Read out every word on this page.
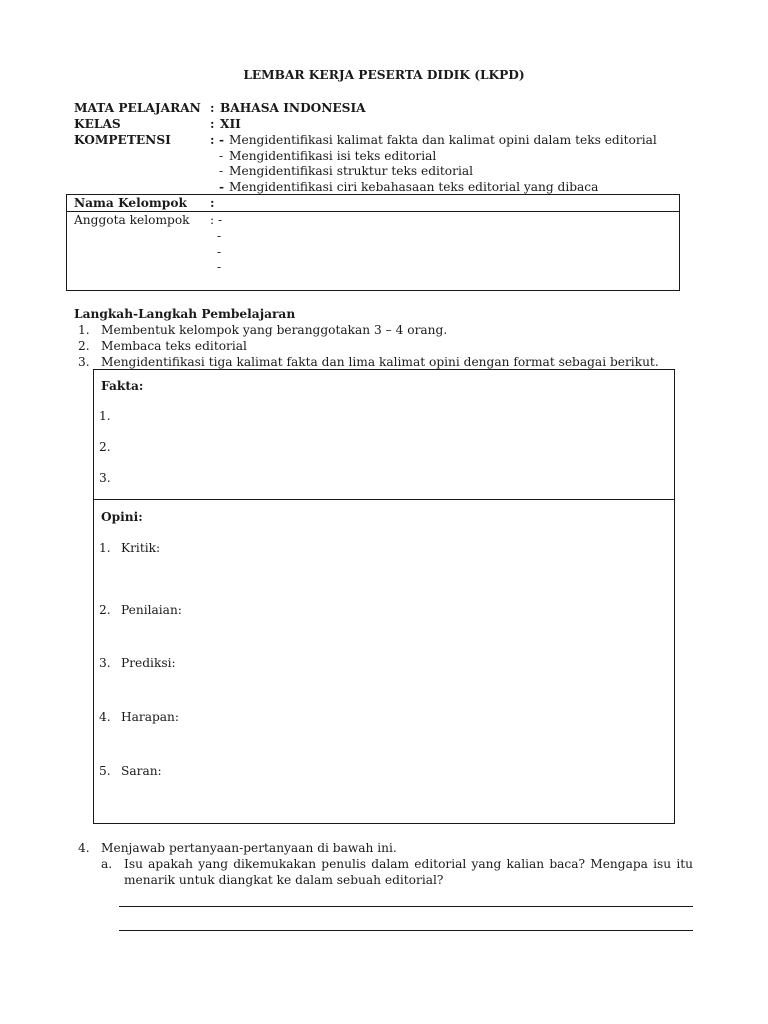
LEMBAR KERJA PESERTA DIDIK (LKPD)
MATA PELAJARAN : BAHASA INDONESIA
KELAS	: XII
KOMPETENSI	: - Mengidentifikasi kalimat fakta dan kalimat opini dalam teks editorial
- Mengidentifikasi isi teks editorial
- Mengidentifikasi struktur teks editorial
- Mengidentifikasi ciri kebahasaan teks editorial yang dibaca
Nama Kelompok :
Anggota kelompok : -
-
-
-
Langkah-Langkah Pembelajaran
1. Membentuk kelompok yang beranggotakan 3 – 4 orang.
2. Membaca teks editorial
3. Mengidentifikasi tiga kalimat fakta dan lima kalimat opini dengan format sebagai berikut.
Fakta:
1.
2.
3.
Opini:
1. Kritik:
2. Penilaian:
3. Prediksi:
4. Harapan:
5. Saran:
4. Menjawab pertanyaan-pertanyaan di bawah ini.
a. Isu apakah yang dikemukakan penulis dalam editorial yang kalian baca? Mengapa isu itu
menarik untuk diangkat ke dalam sebuah editorial?
